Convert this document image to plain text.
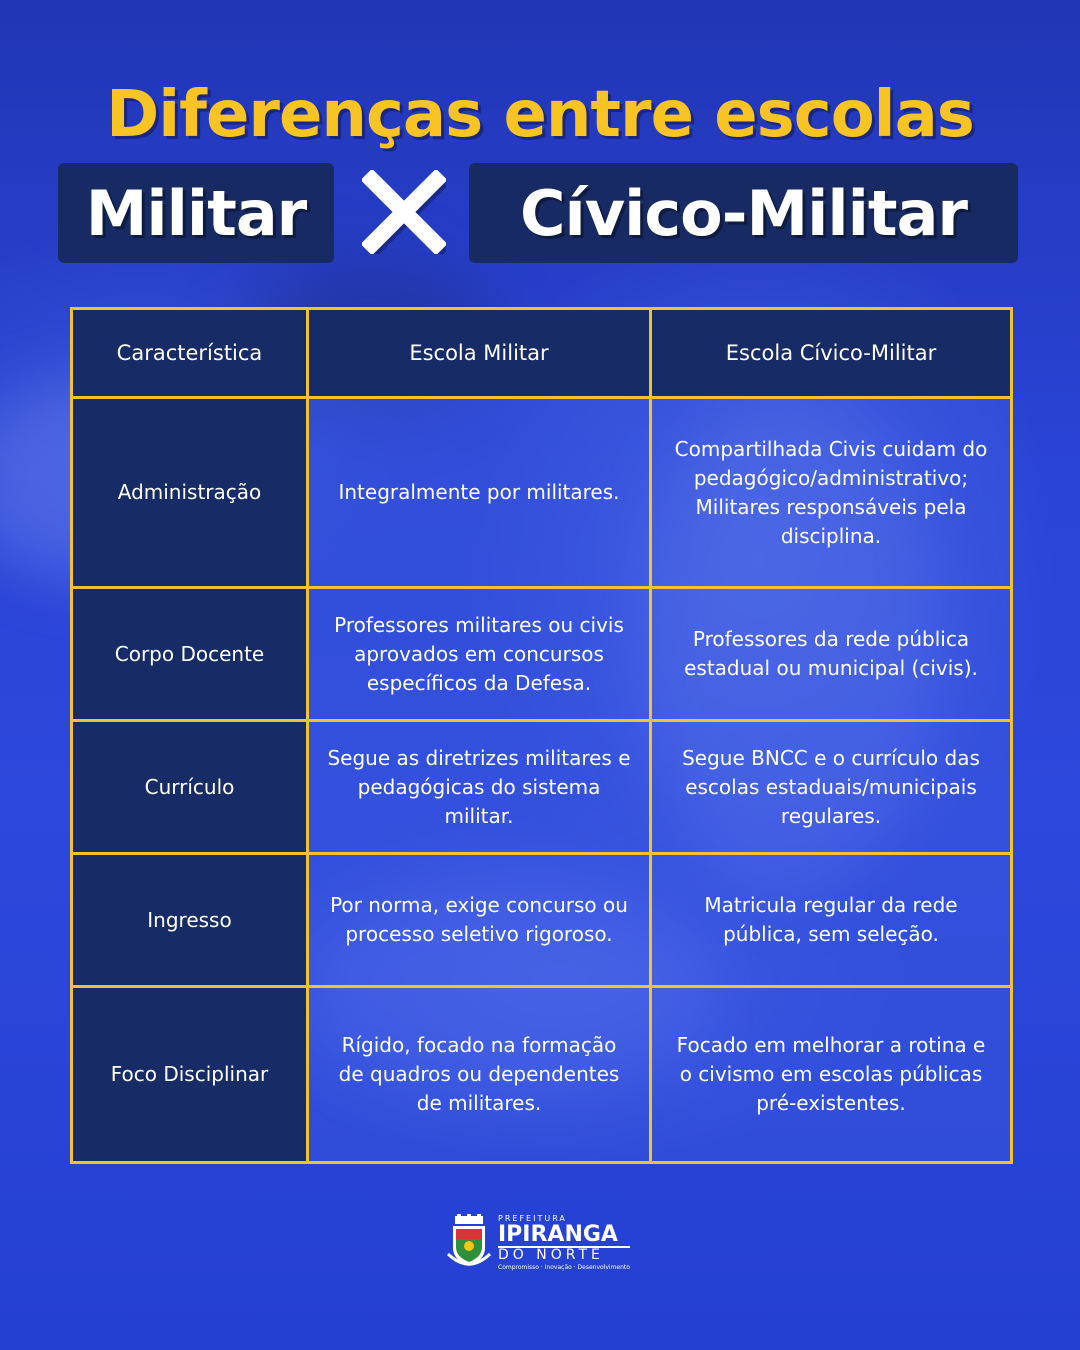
Diferenças entre escolas
Militar	Cívico-Militar
Característica	Escola Militar	Escola Cívico-Militar
Administração	Integralmente por militares.	Compartilhada Civis cuidam do pedagógico/administrativo; Militares responsáveis pela disciplina.
Corpo Docente	Professores militares ou civis aprovados em concursos específicos da Defesa.	Professores da rede pública estadual ou municipal (civis).
Currículo	Segue as diretrizes militares e pedagógicas do sistema militar.	Segue BNCC e o currículo das escolas estaduais/municipais regulares.
Ingresso	Por norma, exige concurso ou processo seletivo rigoroso.	Matricula regular da rede pública, sem seleção.
Foco Disciplinar	Rígido, focado na formação de quadros ou dependentes de militares.	Focado em melhorar a rotina e o civismo em escolas públicas pré-existentes.
PREFEITURA
IPIRANGA
DO NORTE
Compromisso · Inovação · Desenvolvimento
